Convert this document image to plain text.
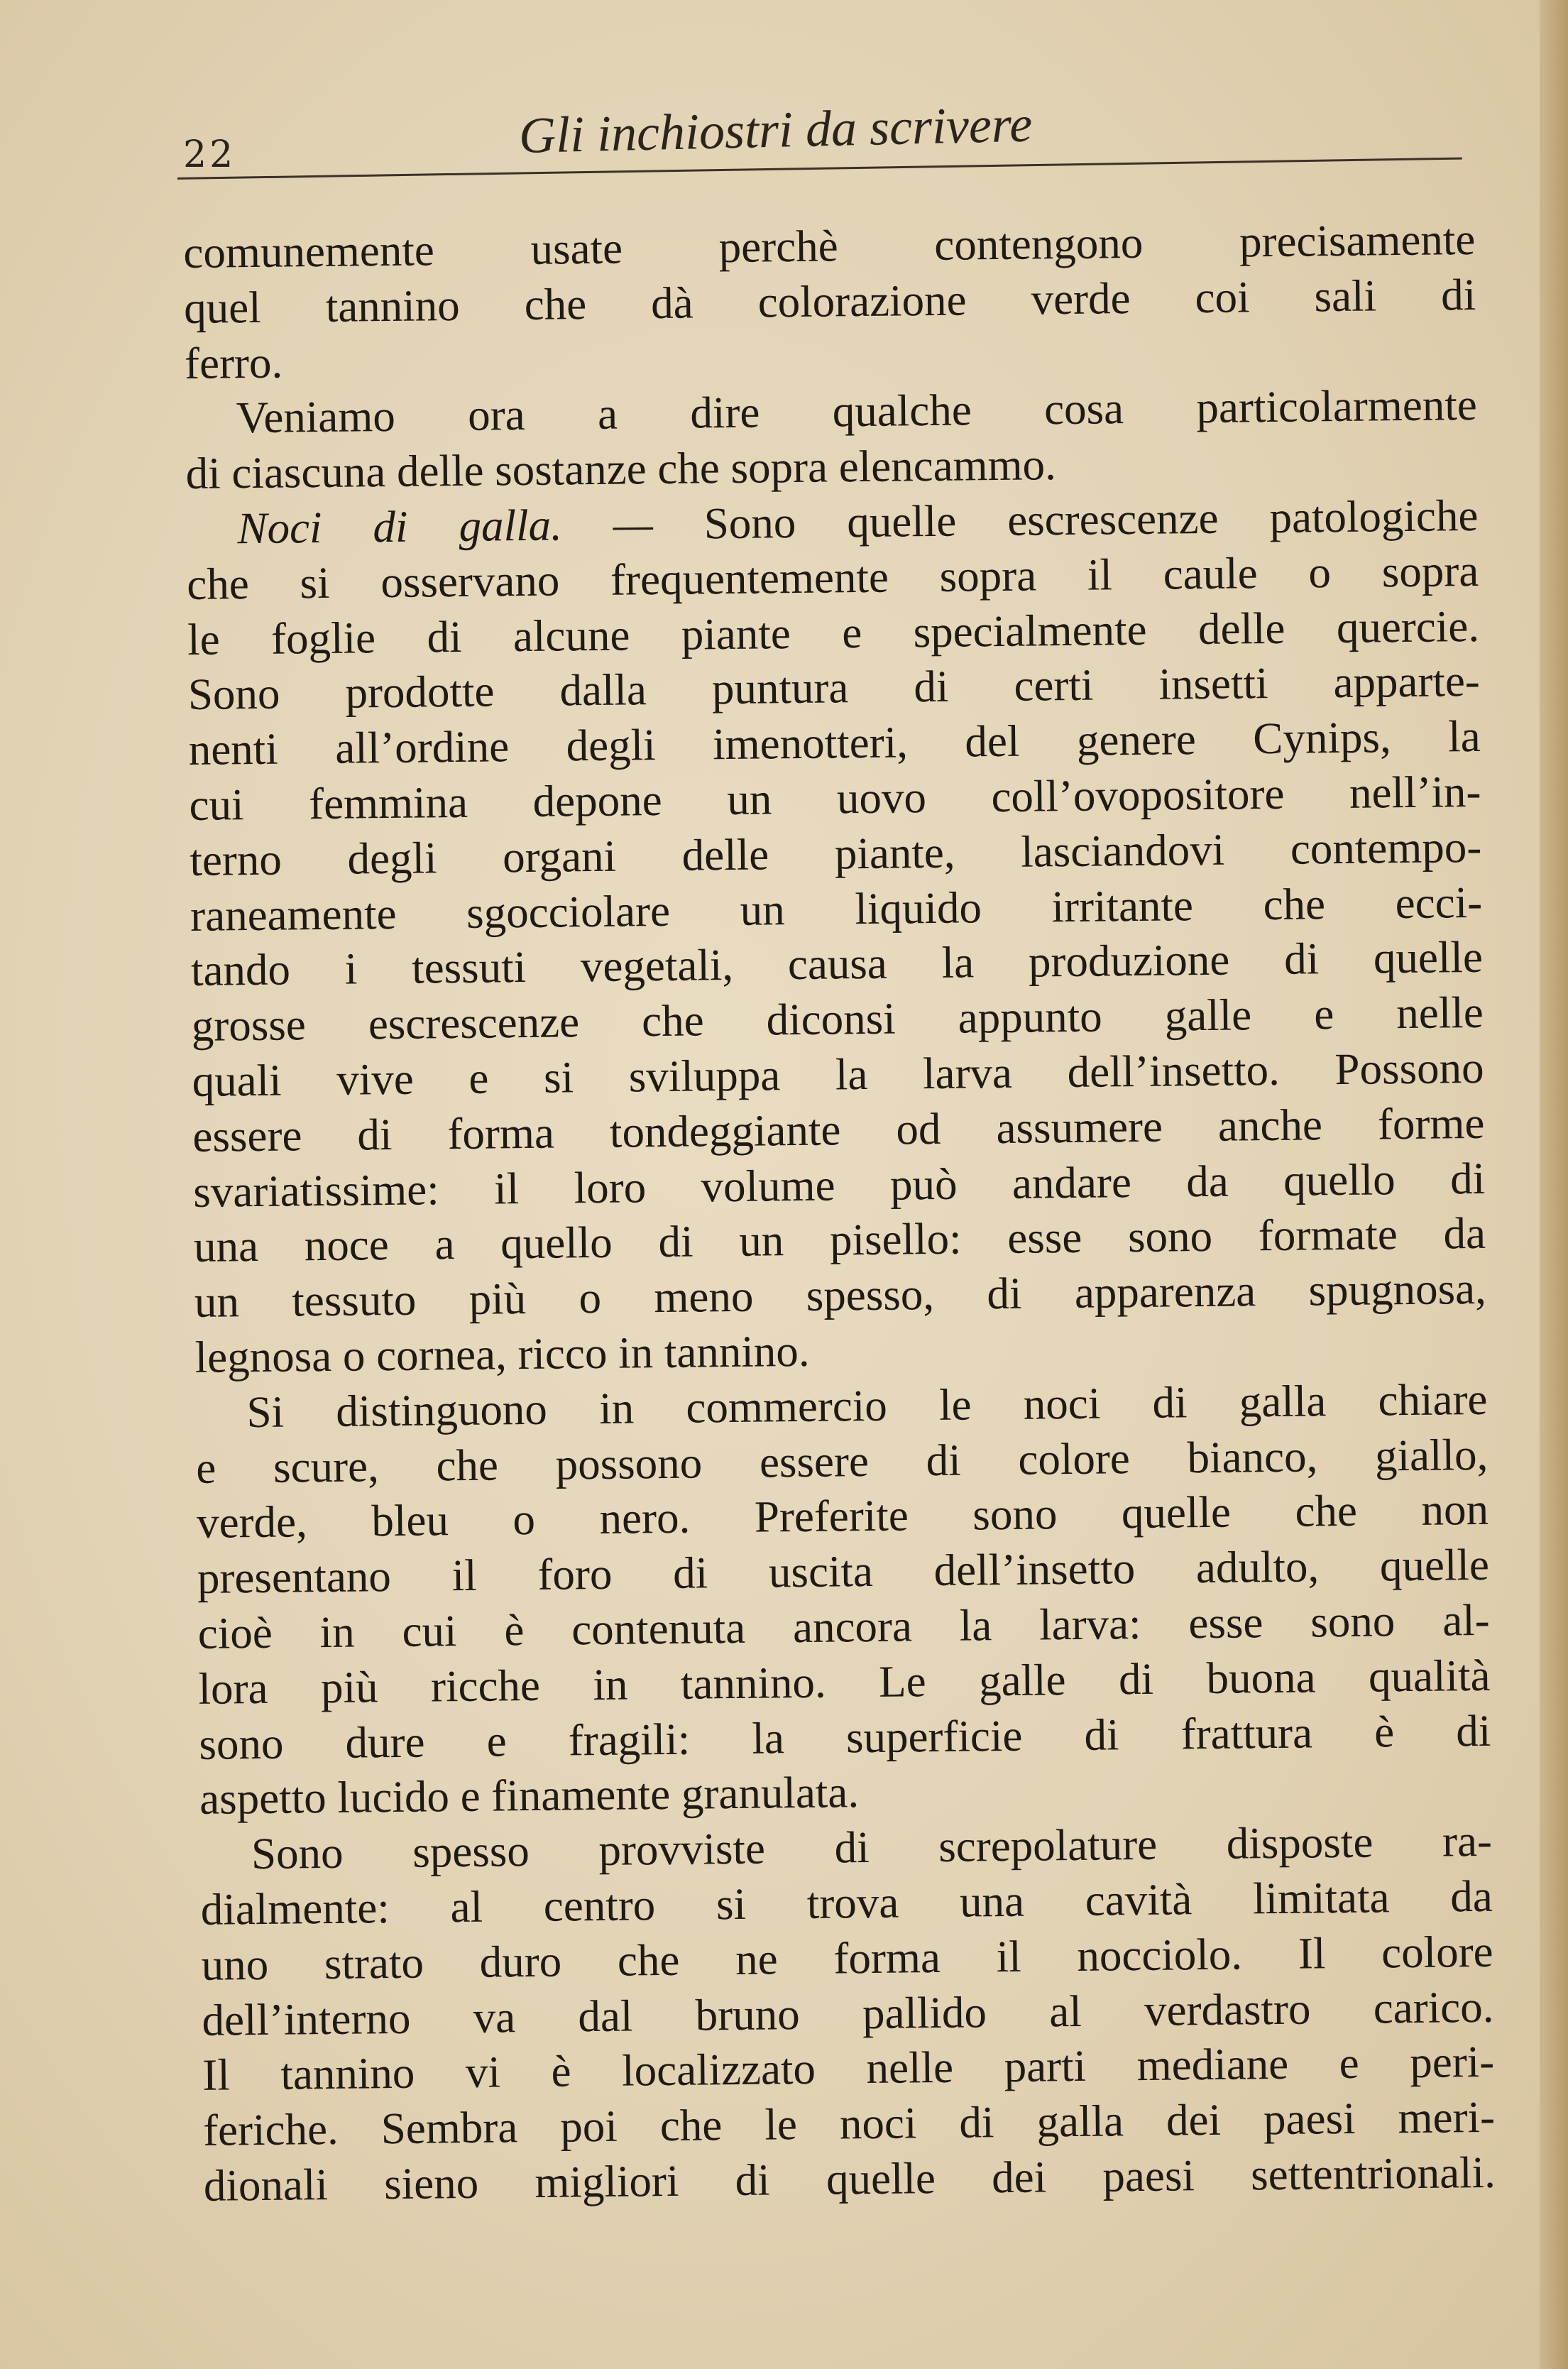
22	Gli inchiostri da scrivere
comunemente usate perchè contengono precisamente
quel tannino che dà colorazione verde coi sali di
ferro.
Veniamo ora a dire qualche cosa particolarmente
di ciascuna delle sostanze che sopra elencammo.
Noci di galla. — Sono quelle escrescenze patologiche
che si osservano frequentemente sopra il caule o sopra
le foglie di alcune piante e specialmente delle quercie.
Sono prodotte dalla puntura di certi insetti apparte-
nenti all’ordine degli imenotteri, del genere Cynips, la
cui femmina depone un uovo coll’ovopositore nell’in-
terno degli organi delle piante, lasciandovi contempo-
raneamente sgocciolare un liquido irritante che ecci-
tando i tessuti vegetali, causa la produzione di quelle
grosse escrescenze che diconsi appunto galle e nelle
quali vive e si sviluppa la larva dell’insetto. Possono
essere di forma tondeggiante od assumere anche forme
svariatissime: il loro volume può andare da quello di
una noce a quello di un pisello: esse sono formate da
un tessuto più o meno spesso, di apparenza spugnosa,
legnosa o cornea, ricco in tannino.
Si distinguono in commercio le noci di galla chiare
e scure, che possono essere di colore bianco, giallo,
verde, bleu o nero. Preferite sono quelle che non
presentano il foro di uscita dell’insetto adulto, quelle
cioè in cui è contenuta ancora la larva: esse sono al-
lora più ricche in tannino. Le galle di buona qualità
sono dure e fragili: la superficie di frattura è di
aspetto lucido e finamente granulata.
Sono spesso provviste di screpolature disposte ra-
dialmente: al centro si trova una cavità limitata da
uno strato duro che ne forma il nocciolo. Il colore
dell’interno va dal bruno pallido al verdastro carico.
Il tannino vi è localizzato nelle parti mediane e peri-
feriche. Sembra poi che le noci di galla dei paesi meri-
dionali sieno migliori di quelle dei paesi settentrionali.
